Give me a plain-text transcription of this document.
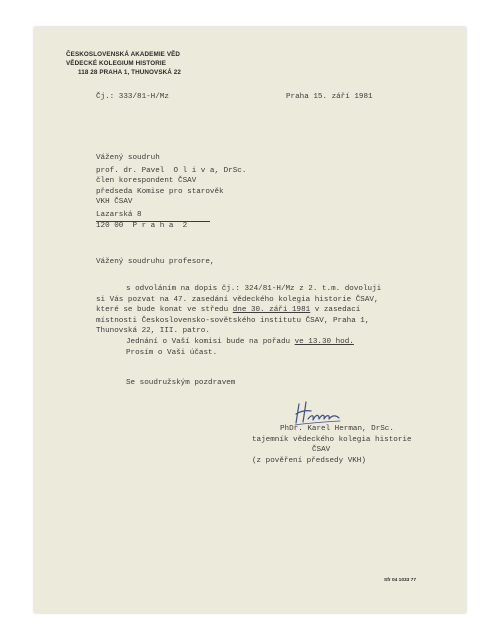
ČESKOSLOVENSKÁ AKADEMIE VĚD
VĚDECKÉ KOLEGIUM HISTORIE
118 28 PRAHA 1, THUNOVSKÁ 22
Čj.: 333/81-H/Mz	Praha 15. září 1981
Vážený soudruh
prof. dr. Pavel  O l i v a, DrSc.
člen korespondent ČSAV
předseda Komise pro starověk
VKH ČSAV
Lazarská 8
120 00  P r a h a  2
Vážený soudruhu profesore,
s odvoláním na dopis čj.: 324/81-H/Mz z 2. t.m. dovoluji
si Vás pozvat na 47. zasedání vědeckého kolegia historie ČSAV,
které se bude konat ve středu dne 30. září 1981 v zasedací
místnosti Československo-sovětského institutu ČSAV, Praha 1,
Thunovská 22, III. patro.
Jednání o Vaší komisi bude na pořadu ve 13.30 hod.
Prosím o Vaši účast.
Se soudružským pozdravem
PhDr. Karel Herman, DrSc.
tajemník vědeckého kolegia historie
ČSAV
(z pověření předsedy VKH)
Sfr 04 1033 77
